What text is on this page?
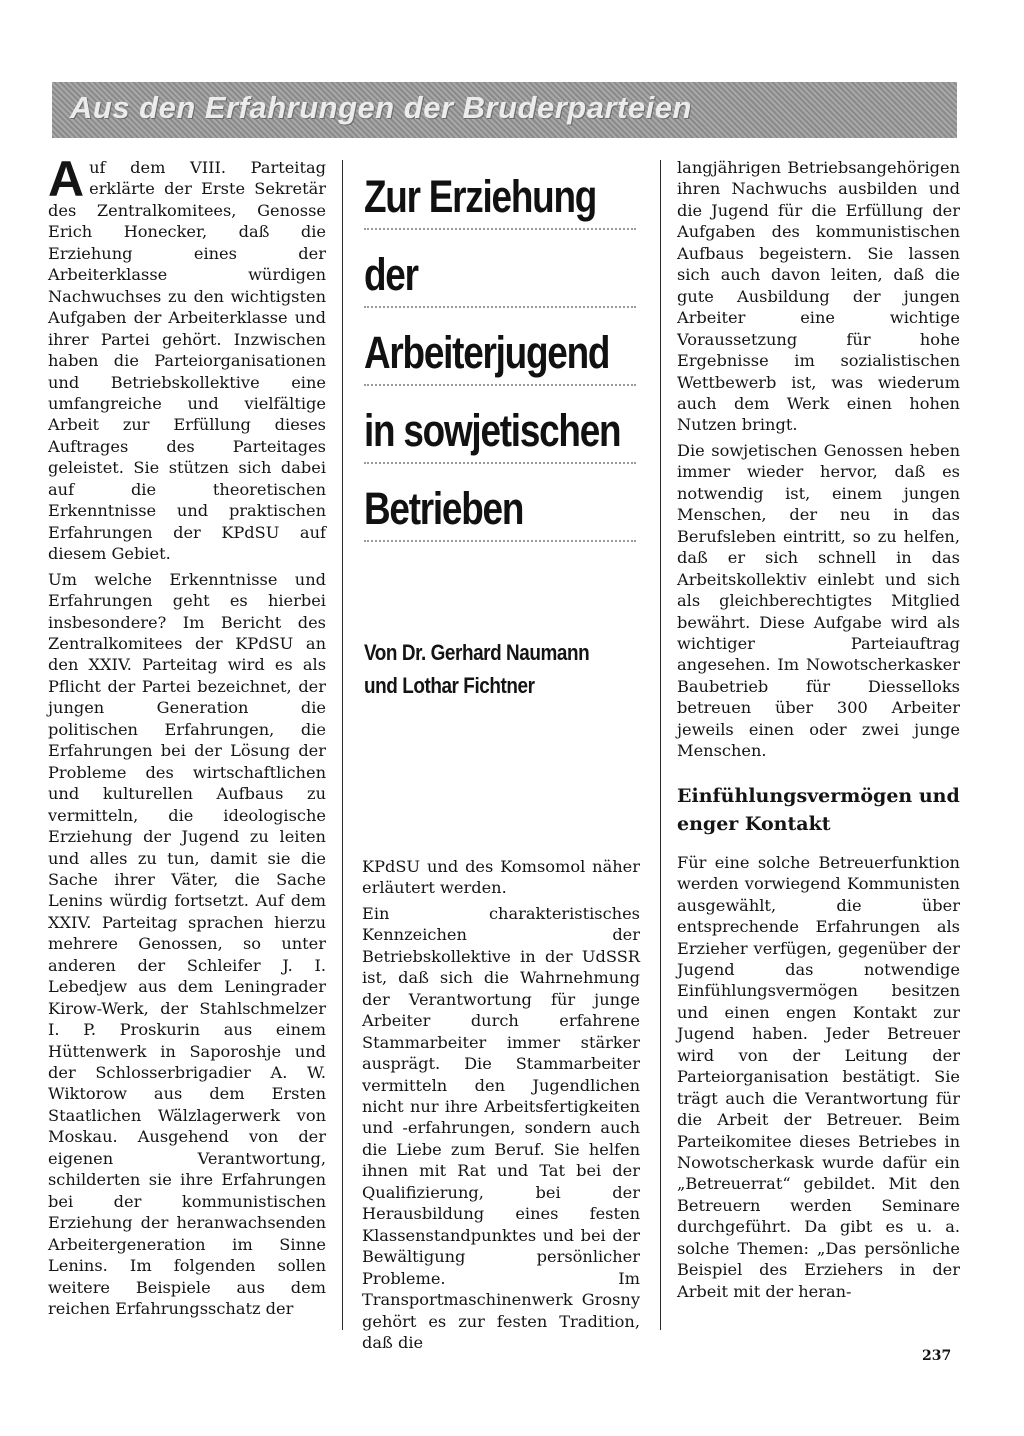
Aus den Erfahrungen der Bruderparteien

Auf dem VIII. Parteitag erklärte der Erste Sekretär des Zentralkomitees, Genosse Erich Honecker, daß die Erziehung eines der Arbeiterklasse würdigen Nachwuchses zu den wichtigsten Aufgaben der Arbeiterklasse und ihrer Partei gehört. Inzwischen haben die Parteiorganisationen und Betriebskollektive eine umfangreiche und vielfältige Arbeit zur Erfüllung dieses Auftrages des Parteitages geleistet. Sie stützen sich dabei auf die theoretischen Erkenntnisse und praktischen Erfahrungen der KPdSU auf diesem Gebiet.

Um welche Erkenntnisse und Erfahrungen geht es hierbei insbesondere? Im Bericht des Zentralkomitees der KPdSU an den XXIV. Parteitag wird es als Pflicht der Partei bezeichnet, der jungen Generation die politischen Erfahrungen, die Erfahrungen bei der Lösung der Probleme des wirtschaftlichen und kulturellen Aufbaus zu vermitteln, die ideologische Erziehung der Jugend zu leiten und alles zu tun, damit sie die Sache ihrer Väter, die Sache Lenins würdig fortsetzt. Auf dem XXIV. Parteitag sprachen hierzu mehrere Genossen, so unter anderen der Schleifer J. I. Lebedjew aus dem Leningrader Kirow-Werk, der Stahlschmelzer I. P. Proskurin aus einem Hüttenwerk in Saporoshje und der Schlosserbrigadier A. W. Wiktorow aus dem Ersten Staatlichen Wälzlagerwerk von Moskau. Ausgehend von der eigenen Verantwortung, schilderten sie ihre Erfahrungen bei der kommunistischen Erziehung der heranwachsenden Arbeitergeneration im Sinne Lenins. Im folgenden sollen weitere Beispiele aus dem reichen Erfahrungsschatz der

Zur Erziehung
der
Arbeiterjugend
in sowjetischen
Betrieben
Von Dr. Gerhard Naumann
und Lothar Fichtner

KPdSU und des Komsomol näher erläutert werden.

Ein charakteristisches Kennzeichen der Betriebskollektive in der UdSSR ist, daß sich die Wahrnehmung der Verantwortung für junge Arbeiter durch erfahrene Stammarbeiter immer stärker ausprägt. Die Stammarbeiter vermitteln den Jugendlichen nicht nur ihre Arbeitsfertigkeiten und -erfahrungen, sondern auch die Liebe zum Beruf. Sie helfen ihnen mit Rat und Tat bei der Qualifizierung, bei der Herausbildung eines festen Klassenstandpunktes und bei der Bewältigung persönlicher Probleme. Im Transportmaschinenwerk Grosny gehört es zur festen Tradition, daß die

langjährigen Betriebsangehörigen ihren Nachwuchs ausbilden und die Jugend für die Erfüllung der Aufgaben des kommunistischen Aufbaus begeistern. Sie lassen sich auch davon leiten, daß die gute Ausbildung der jungen Arbeiter eine wichtige Voraussetzung für hohe Ergebnisse im sozialistischen Wettbewerb ist, was wiederum auch dem Werk einen hohen Nutzen bringt.

Die sowjetischen Genossen heben immer wieder hervor, daß es notwendig ist, einem jungen Menschen, der neu in das Berufsleben eintritt, so zu helfen, daß er sich schnell in das Arbeitskollektiv einlebt und sich als gleichberechtigtes Mitglied bewährt. Diese Aufgabe wird als wichtiger Parteiauftrag angesehen. Im Nowotscherkasker Baubetrieb für Diesselloks betreuen über 300 Arbeiter jeweils einen oder zwei junge Menschen.

Einfühlungsvermögen und enger Kontakt

Für eine solche Betreuerfunktion werden vorwiegend Kommunisten ausgewählt, die über entsprechende Erfahrungen als Erzieher verfügen, gegenüber der Jugend das notwendige Einfühlungsvermögen besitzen und einen engen Kontakt zur Jugend haben. Jeder Betreuer wird von der Leitung der Parteiorganisation bestätigt. Sie trägt auch die Verantwortung für die Arbeit der Betreuer. Beim Parteikomitee dieses Betriebes in Nowotscherkask wurde dafür ein „Betreuerrat“ gebildet. Mit den Betreuern werden Seminare durchgeführt. Da gibt es u. a. solche Themen: „Das persönliche Beispiel des Erziehers in der Arbeit mit der heran-

237
